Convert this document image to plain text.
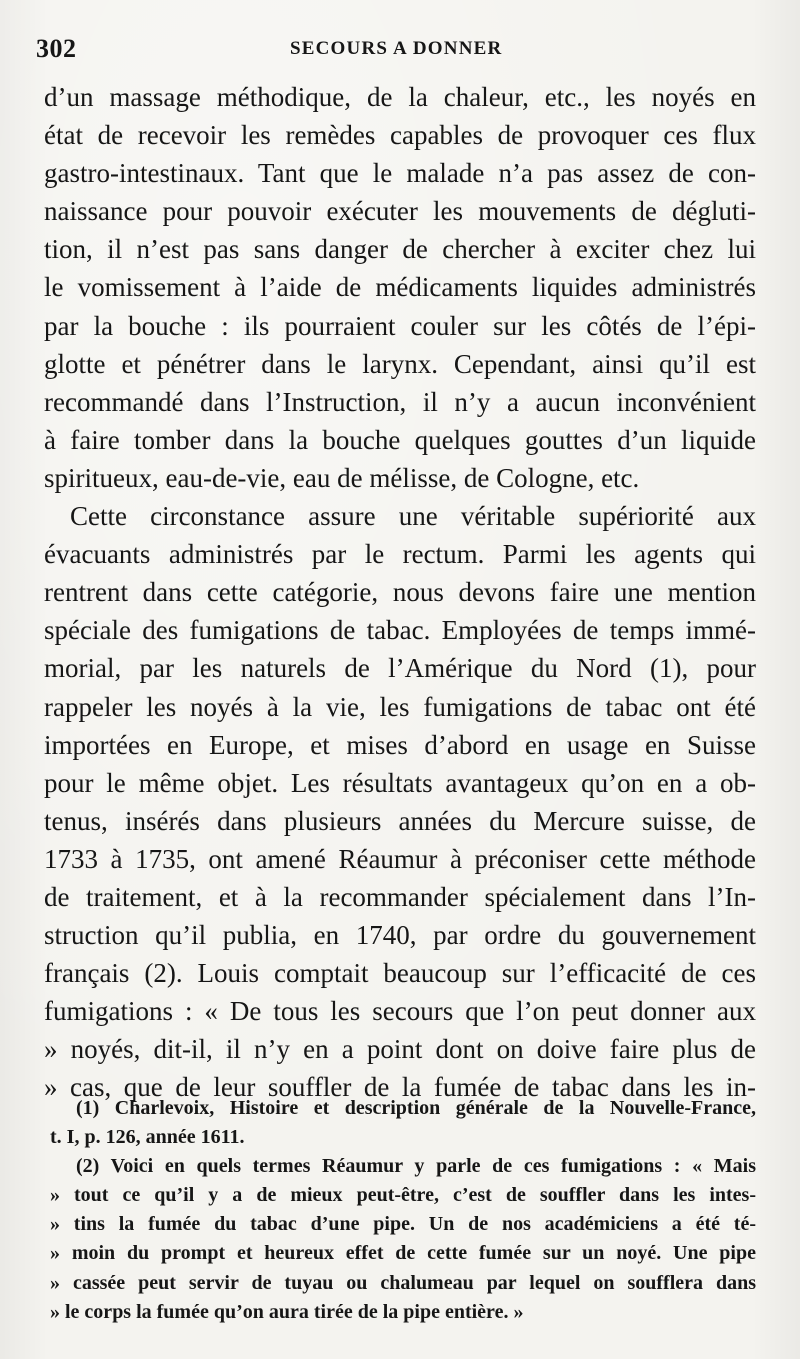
302	SECOURS A DONNER
d’un massage méthodique, de la chaleur, etc., les noyés en
état de recevoir les remèdes capables de provoquer ces flux
gastro-intestinaux. Tant que le malade n’a pas assez de con-
naissance pour pouvoir exécuter les mouvements de dégluti-
tion, il n’est pas sans danger de chercher à exciter chez lui
le vomissement à l’aide de médicaments liquides administrés
par la bouche : ils pourraient couler sur les côtés de l’épi-
glotte et pénétrer dans le larynx. Cependant, ainsi qu’il est
recommandé dans l’Instruction, il n’y a aucun inconvénient
à faire tomber dans la bouche quelques gouttes d’un liquide
spiritueux, eau-de-vie, eau de mélisse, de Cologne, etc.
Cette circonstance assure une véritable supériorité aux
évacuants administrés par le rectum. Parmi les agents qui
rentrent dans cette catégorie, nous devons faire une mention
spéciale des fumigations de tabac. Employées de temps immé-
morial, par les naturels de l’Amérique du Nord (1), pour
rappeler les noyés à la vie, les fumigations de tabac ont été
importées en Europe, et mises d’abord en usage en Suisse
pour le même objet. Les résultats avantageux qu’on en a ob-
tenus, insérés dans plusieurs années du Mercure suisse, de
1733 à 1735, ont amené Réaumur à préconiser cette méthode
de traitement, et à la recommander spécialement dans l’In-
struction qu’il publia, en 1740, par ordre du gouvernement
français (2). Louis comptait beaucoup sur l’efficacité de ces
fumigations : « De tous les secours que l’on peut donner aux
» noyés, dit-il, il n’y en a point dont on doive faire plus de
» cas, que de leur souffler de la fumée de tabac dans les in-
(1) Charlevoix, Histoire et description générale de la Nouvelle-France,
t. I, p. 126, année 1611.
(2) Voici en quels termes Réaumur y parle de ces fumigations : « Mais
» tout ce qu’il y a de mieux peut-être, c’est de souffler dans les intes-
» tins la fumée du tabac d’une pipe. Un de nos académiciens a été té-
» moin du prompt et heureux effet de cette fumée sur un noyé. Une pipe
» cassée peut servir de tuyau ou chalumeau par lequel on soufflera dans
» le corps la fumée qu’on aura tirée de la pipe entière. »
